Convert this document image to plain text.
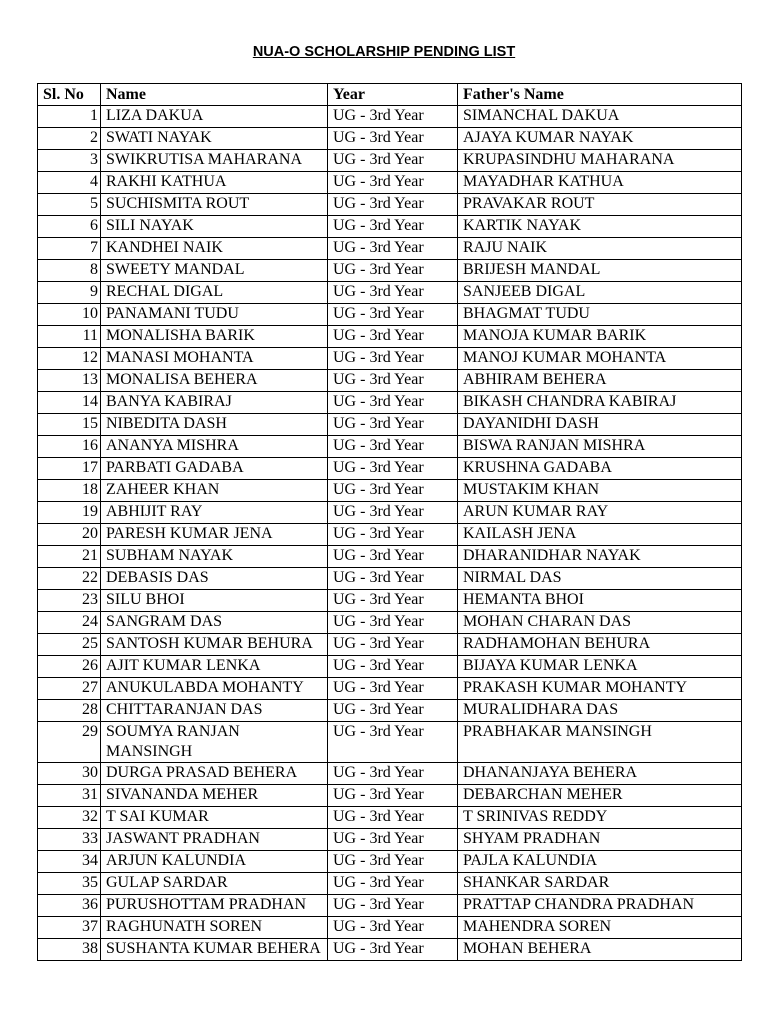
NUA-O SCHOLARSHIP PENDING LIST
Sl. No	Name	Year	Father's Name
1	LIZA DAKUA	UG - 3rd Year	SIMANCHAL DAKUA
2	SWATI NAYAK	UG - 3rd Year	AJAYA KUMAR NAYAK
3	SWIKRUTISA MAHARANA	UG - 3rd Year	KRUPASINDHU MAHARANA
4	RAKHI KATHUA	UG - 3rd Year	MAYADHAR KATHUA
5	SUCHISMITA ROUT	UG - 3rd Year	PRAVAKAR ROUT
6	SILI NAYAK	UG - 3rd Year	KARTIK NAYAK
7	KANDHEI NAIK	UG - 3rd Year	RAJU NAIK
8	SWEETY MANDAL	UG - 3rd Year	BRIJESH MANDAL
9	RECHAL DIGAL	UG - 3rd Year	SANJEEB DIGAL
10	PANAMANI TUDU	UG - 3rd Year	BHAGMAT TUDU
11	MONALISHA BARIK	UG - 3rd Year	MANOJA KUMAR BARIK
12	MANASI MOHANTA	UG - 3rd Year	MANOJ KUMAR MOHANTA
13	MONALISA BEHERA	UG - 3rd Year	ABHIRAM BEHERA
14	BANYA KABIRAJ	UG - 3rd Year	BIKASH CHANDRA KABIRAJ
15	NIBEDITA DASH	UG - 3rd Year	DAYANIDHI DASH
16	ANANYA MISHRA	UG - 3rd Year	BISWA RANJAN MISHRA
17	PARBATI GADABA	UG - 3rd Year	KRUSHNA GADABA
18	ZAHEER KHAN	UG - 3rd Year	MUSTAKIM KHAN
19	ABHIJIT RAY	UG - 3rd Year	ARUN KUMAR RAY
20	PARESH KUMAR JENA	UG - 3rd Year	KAILASH JENA
21	SUBHAM NAYAK	UG - 3rd Year	DHARANIDHAR NAYAK
22	DEBASIS DAS	UG - 3rd Year	NIRMAL DAS
23	SILU BHOI	UG - 3rd Year	HEMANTA BHOI
24	SANGRAM DAS	UG - 3rd Year	MOHAN CHARAN DAS
25	SANTOSH KUMAR BEHURA	UG - 3rd Year	RADHAMOHAN BEHURA
26	AJIT KUMAR LENKA	UG - 3rd Year	BIJAYA KUMAR LENKA
27	ANUKULABDA MOHANTY	UG - 3rd Year	PRAKASH KUMAR MOHANTY
28	CHITTARANJAN DAS	UG - 3rd Year	MURALIDHARA DAS
29	SOUMYA RANJAN MANSINGH	UG - 3rd Year	PRABHAKAR MANSINGH
30	DURGA PRASAD BEHERA	UG - 3rd Year	DHANANJAYA BEHERA
31	SIVANANDA MEHER	UG - 3rd Year	DEBARCHAN MEHER
32	T SAI KUMAR	UG - 3rd Year	T SRINIVAS REDDY
33	JASWANT PRADHAN	UG - 3rd Year	SHYAM PRADHAN
34	ARJUN KALUNDIA	UG - 3rd Year	PAJLA KALUNDIA
35	GULAP SARDAR	UG - 3rd Year	SHANKAR SARDAR
36	PURUSHOTTAM PRADHAN	UG - 3rd Year	PRATTAP CHANDRA PRADHAN
37	RAGHUNATH SOREN	UG - 3rd Year	MAHENDRA SOREN
38	SUSHANTA KUMAR BEHERA	UG - 3rd Year	MOHAN BEHERA
